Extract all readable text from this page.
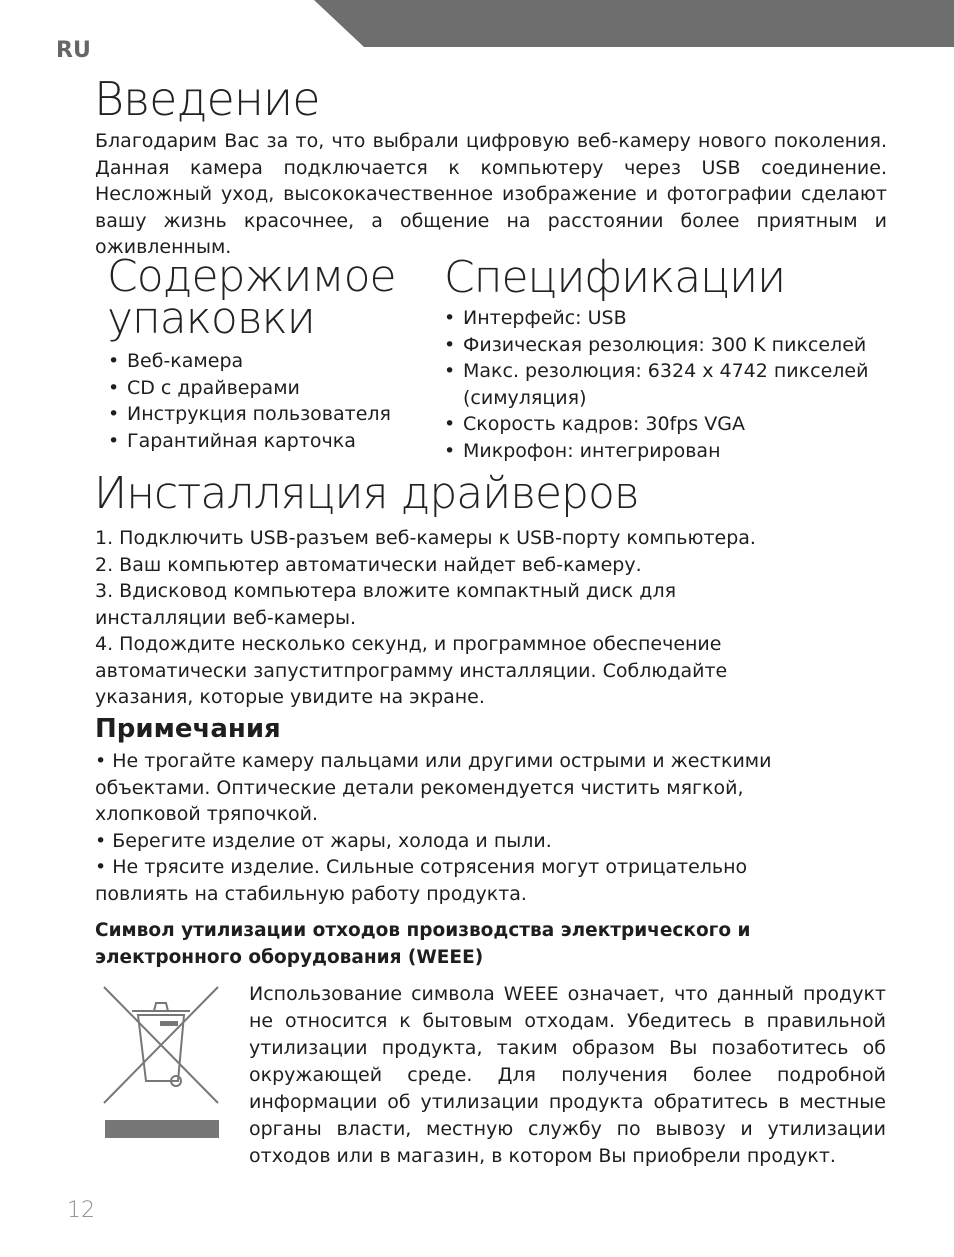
RU
Введение

Благодарим Вас за то, что выбрали цифровую веб-камеру нового поколения. Данная камера подключается к компьютеру через USB соединение. Несложный уход, высококачественное изображение и фотографии сделают вашу жизнь красочнее, а общение на расстоянии более приятным и оживленным.

Содержимое
упаковки
• Веб-камера
• CD с драйверами
• Инструкция пользователя
• Гарантийная карточка
Спецификации
• Интерфейс: USB
• Физическая резолюция: 300 K пикселей
• Макс. резолюция: 6324 x 4742 пикселей (симуляция)
• Скорость кадров: 30fps VGA
• Микрофон: интегрирован
Инсталляция драйверов
1. Подключить USB-разъем веб-камеры к USB-порту компьютера.
2. Ваш компьютер автоматически найдет веб-камеру.
3. Вдисковод компьютера вложите компактный диск для инсталляции веб-камеры.
4. Подождите несколько секунд, и программное обеспечение автоматически запуститпрограмму инсталляции. Соблюдайте указания, которые увидите на экране.
Примечания
• Не трогайте камеру пальцами или другими острыми и жесткими объектами. Оптические детали рекомендуется чистить мягкой, хлопковой тряпочкой.
• Берегите изделие от жары, холода и пыли.
• Не трясите изделие. Сильные сотрясения могут отрицательно повлиять на стабильную работу продукта.
Символ утилизации отходов производства электрического и электронного оборудования (WEEE)
Использование символа WEEE означает, что данный продукт не относится к бытовым отходам. Убедитесь в правильной утилизации продукта, таким образом Вы позаботитесь об окружающей среде. Для получения более подробной информации об утилизации продукта обратитесь в местные органы власти, местную службу по вывозу и утилизации отходов или в магазин, в котором Вы приобрели продукт.
12
